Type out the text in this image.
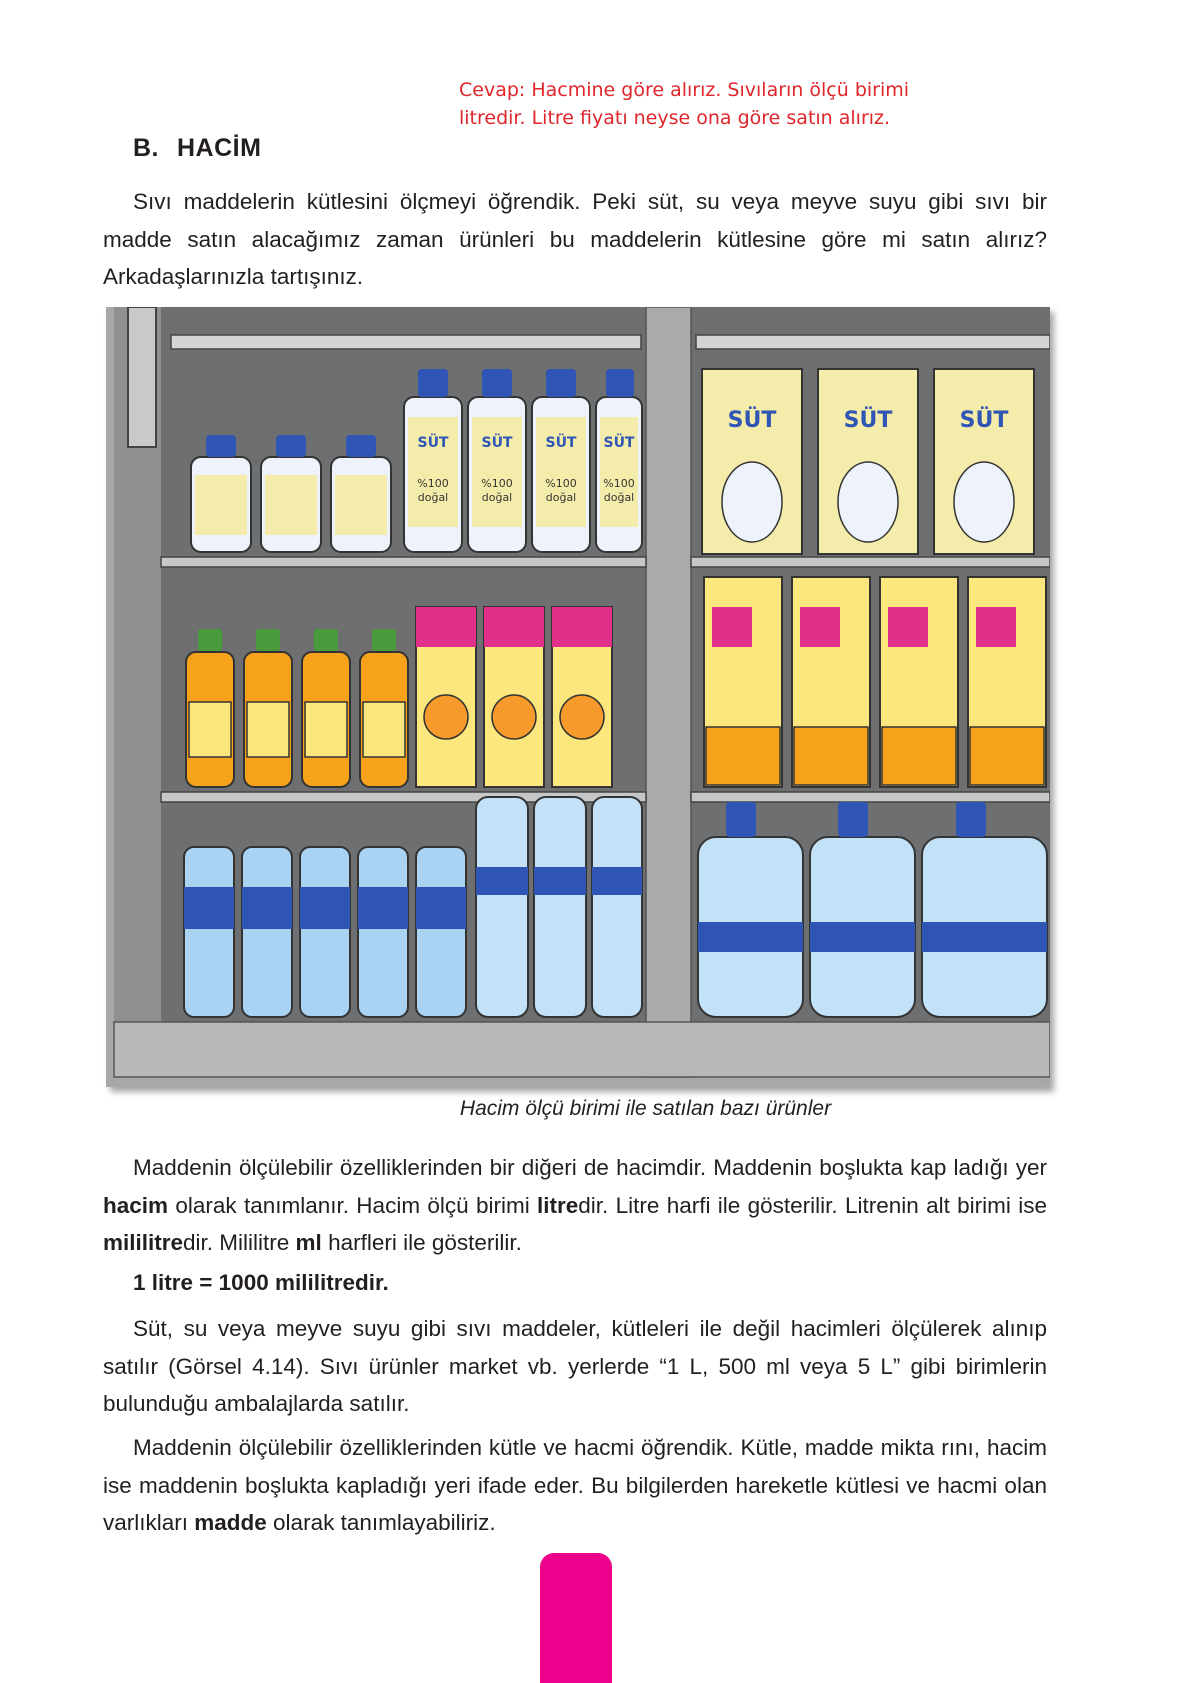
Cevap: Hacmine göre alırız. Sıvıların ölçü birimi
litredir. Litre fiyatı neyse ona göre satın alırız.
B. HACİM

Sıvı maddelerin kütlesini ölçmeyi öğrendik. Peki süt, su veya meyve suyu gibi sıvı bir madde satın alacağımız zaman ürünleri bu maddelerin kütlesine göre mi satın alırız? Arkadaşlarınızla tartışınız.

SÜT SÜT SÜT SÜT
%100
doğal
%100
doğal
%100
doğal
%100
doğal
SÜT	SÜT	SÜT
Hacim ölçü birimi ile satılan bazı ürünler

Maddenin ölçülebilir özelliklerinden bir diğeri de hacimdir. Maddenin boşlukta kap ladığı yer hacim olarak tanımlanır. Hacim ölçü birimi litredir. Litre harfi ile gösterilir. Litrenin alt birimi ise mililitredir. Mililitre ml harfleri ile gösterilir.

1 litre = 1000 mililitredir.

Süt, su veya meyve suyu gibi sıvı maddeler, kütleleri ile değil hacimleri ölçülerek alınıp satılır (Görsel 4.14). Sıvı ürünler market vb. yerlerde “1 L, 500 ml veya 5 L” gibi birimlerin bulunduğu ambalajlarda satılır.

Maddenin ölçülebilir özelliklerinden kütle ve hacmi öğrendik. Kütle, madde mikta rını, hacim ise maddenin boşlukta kapladığı yeri ifade eder. Bu bilgilerden hareketle kütlesi ve hacmi olan varlıkları madde olarak tanımlayabiliriz.
